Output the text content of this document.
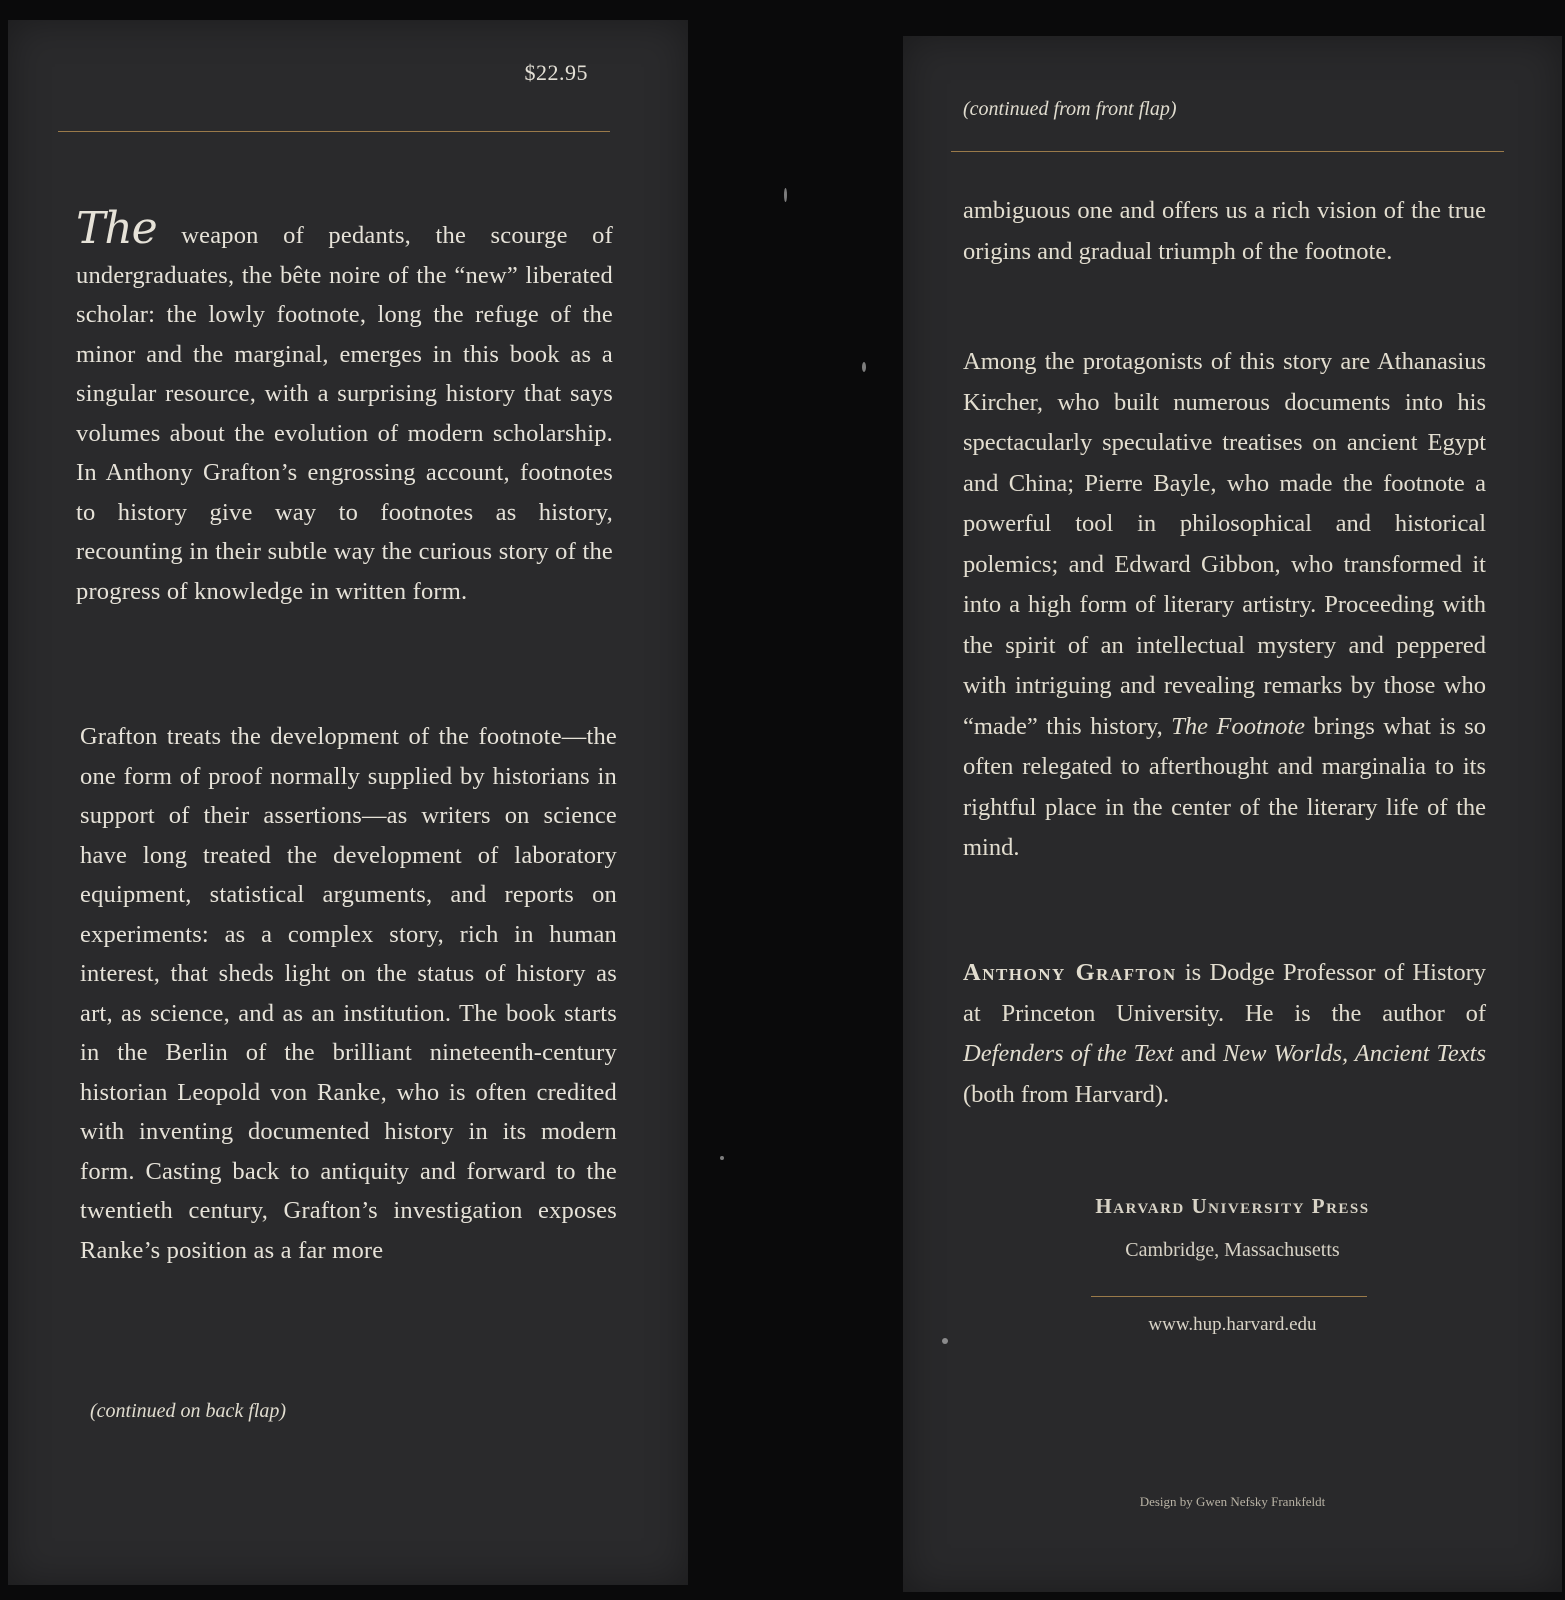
$22.95
The weapon of pedants, the scourge of undergraduates, the bête noire of the “new” liberated scholar: the lowly footnote, long the refuge of the minor and the marginal, emerges in this book as a singular resource, with a surprising history that says volumes about the evolution of modern scholarship. In Anthony Grafton’s engrossing account, footnotes to history give way to footnotes as history, recounting in their subtle way the curious story of the progress of knowledge in written form.
Grafton treats the development of the footnote—the one form of proof normally supplied by historians in support of their assertions—as writers on science have long treated the development of laboratory equipment, statistical arguments, and reports on experiments: as a complex story, rich in human interest, that sheds light on the status of history as art, as science, and as an institution. The book starts in the Berlin of the brilliant nineteenth-century historian Leopold von Ranke, who is often credited with inventing documented history in its modern form. Casting back to antiquity and forward to the twentieth century, Grafton’s investigation exposes Ranke’s position as a far more
(continued on back flap)
(continued from front flap)
ambiguous one and offers us a rich vision of the true origins and gradual triumph of the footnote.
Among the protagonists of this story are Athanasius Kircher, who built numerous documents into his spectacularly speculative treatises on ancient Egypt and China; Pierre Bayle, who made the footnote a powerful tool in philosophical and historical polemics; and Edward Gibbon, who transformed it into a high form of literary artistry. Proceeding with the spirit of an intellectual mystery and peppered with intriguing and revealing remarks by those who “made” this history, The Footnote brings what is so often relegated to afterthought and marginalia to its rightful place in the center of the literary life of the mind.
Anthony Grafton is Dodge Professor of History at Princeton University. He is the author of Defenders of the Text and New Worlds, Ancient Texts (both from Harvard).
Harvard University Press
Cambridge, Massachusetts
www.hup.harvard.edu
Design by Gwen Nefsky Frankfeldt
